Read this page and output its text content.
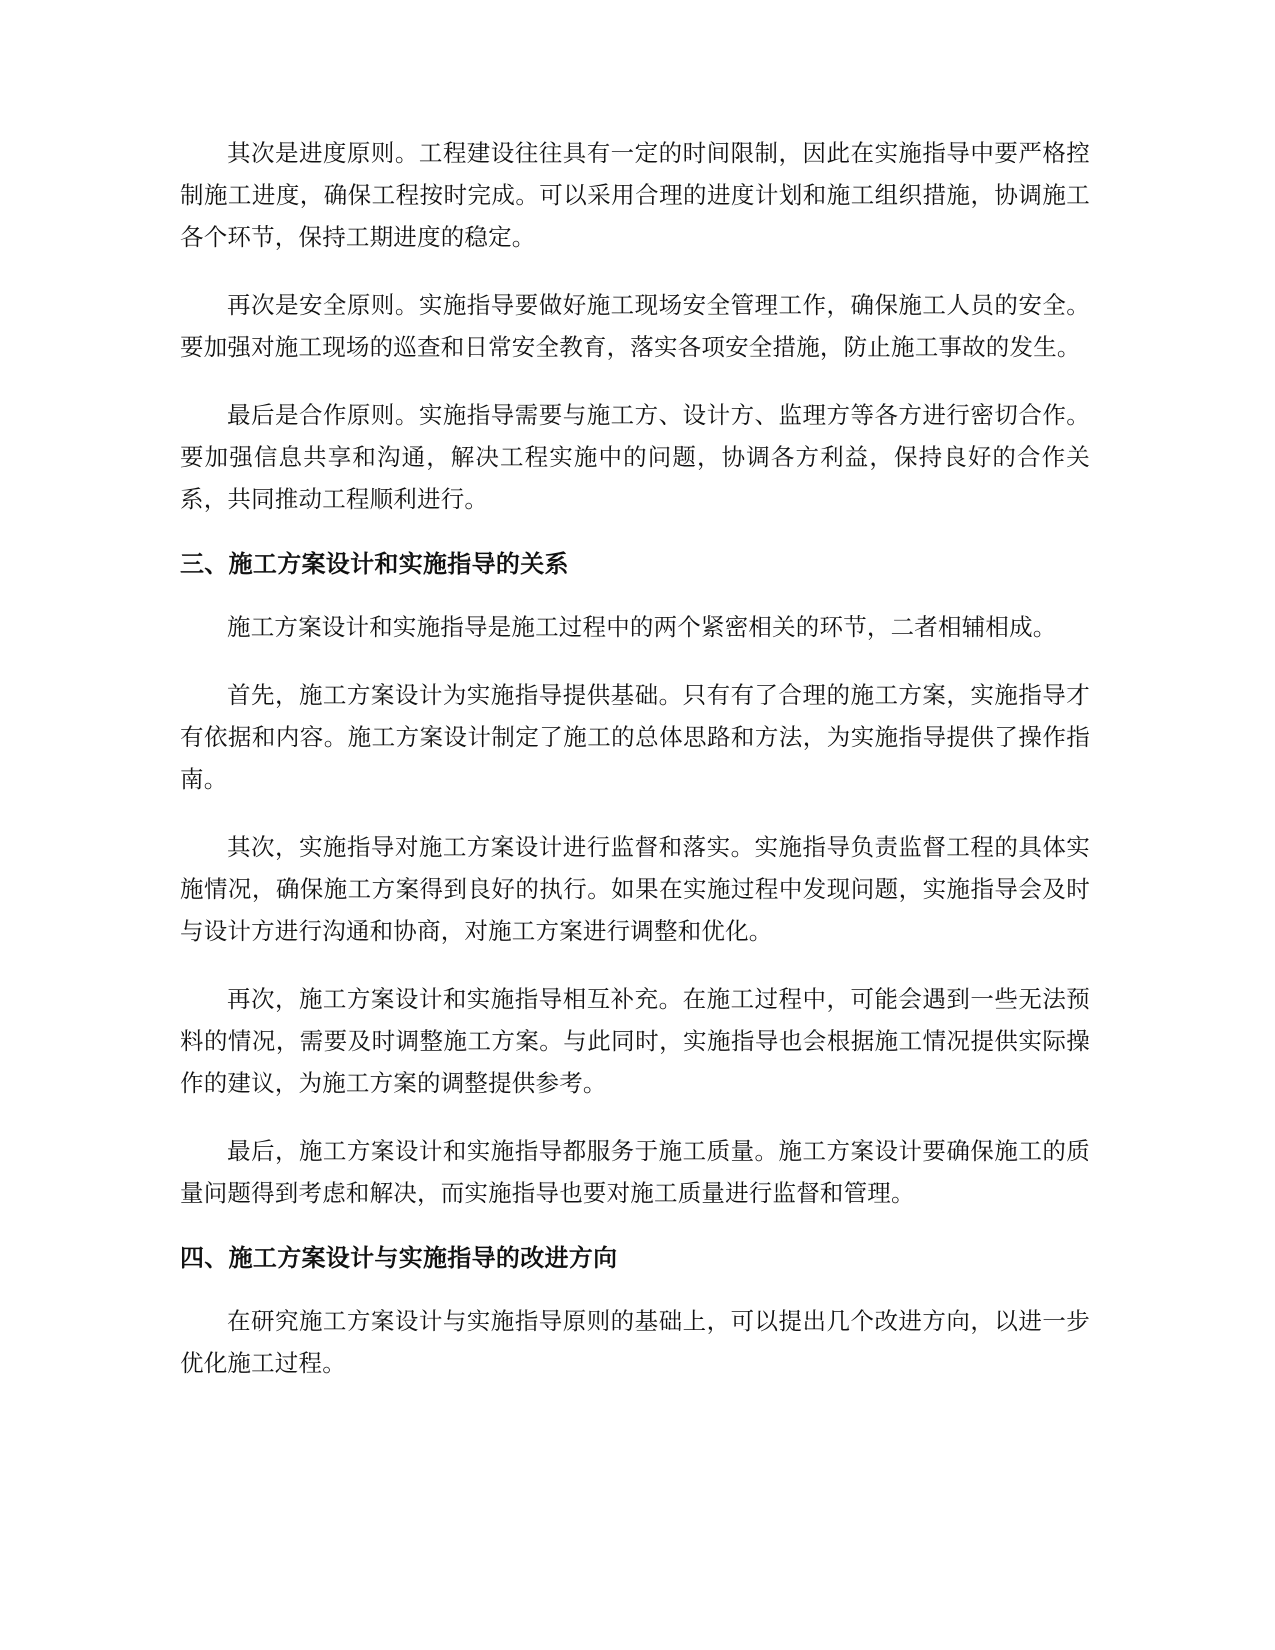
其次是进度原则。工程建设往往具有一定的时间限制，因此在实施指导中要严格控制施工进度，确保工程按时完成。可以采用合理的进度计划和施工组织措施，协调施工各个环节，保持工期进度的稳定。

再次是安全原则。实施指导要做好施工现场安全管理工作，确保施工人员的安全。要加强对施工现场的巡查和日常安全教育，落实各项安全措施，防止施工事故的发生。

最后是合作原则。实施指导需要与施工方、设计方、监理方等各方进行密切合作。要加强信息共享和沟通，解决工程实施中的问题，协调各方利益，保持良好的合作关系，共同推动工程顺利进行。

三、施工方案设计和实施指导的关系

施工方案设计和实施指导是施工过程中的两个紧密相关的环节，二者相辅相成。

首先，施工方案设计为实施指导提供基础。只有有了合理的施工方案，实施指导才有依据和内容。施工方案设计制定了施工的总体思路和方法，为实施指导提供了操作指南。

其次，实施指导对施工方案设计进行监督和落实。实施指导负责监督工程的具体实施情况，确保施工方案得到良好的执行。如果在实施过程中发现问题，实施指导会及时与设计方进行沟通和协商，对施工方案进行调整和优化。

再次，施工方案设计和实施指导相互补充。在施工过程中，可能会遇到一些无法预料的情况，需要及时调整施工方案。与此同时，实施指导也会根据施工情况提供实际操作的建议，为施工方案的调整提供参考。

最后，施工方案设计和实施指导都服务于施工质量。施工方案设计要确保施工的质量问题得到考虑和解决，而实施指导也要对施工质量进行监督和管理。

四、施工方案设计与实施指导的改进方向

在研究施工方案设计与实施指导原则的基础上，可以提出几个改进方向，以进一步优化施工过程。
